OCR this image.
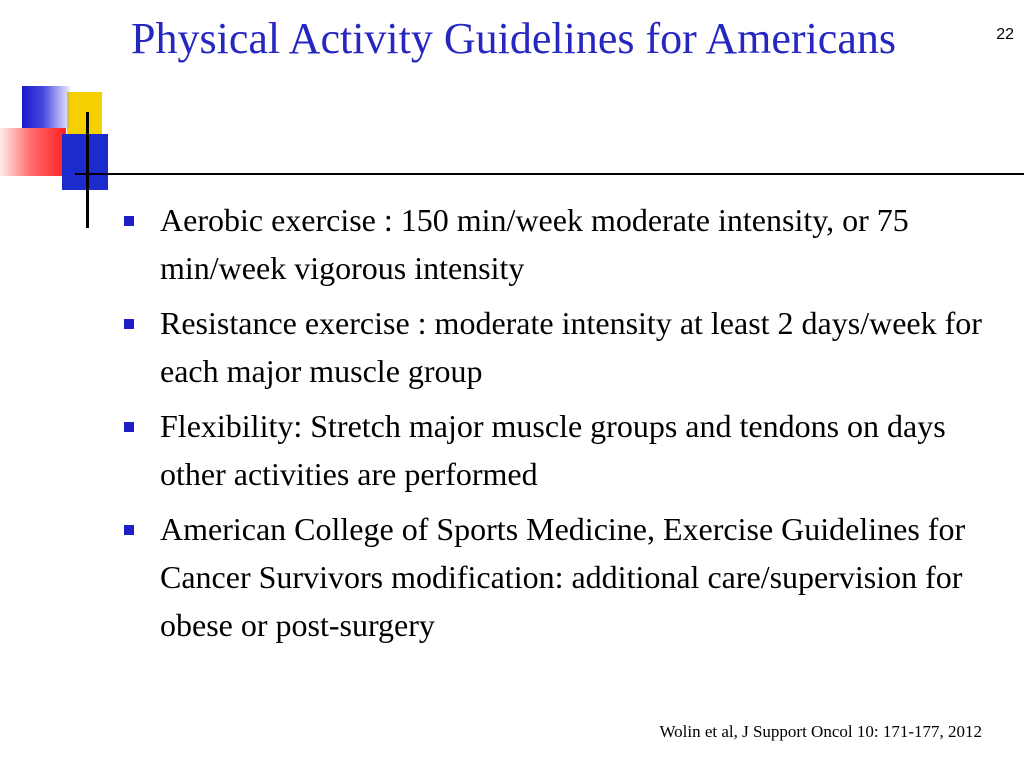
Physical Activity Guidelines for Americans	22
Aerobic exercise : 150 min/week moderate intensity, or 75 min/week vigorous intensity
Resistance exercise : moderate intensity at least 2 days/week for each major muscle group
Flexibility: Stretch major muscle groups and tendons on days other activities are performed
American College of Sports Medicine, Exercise Guidelines for Cancer Survivors modification: additional care/supervision for obese or post-surgery
Wolin et al, J Support Oncol 10: 171-177, 2012
